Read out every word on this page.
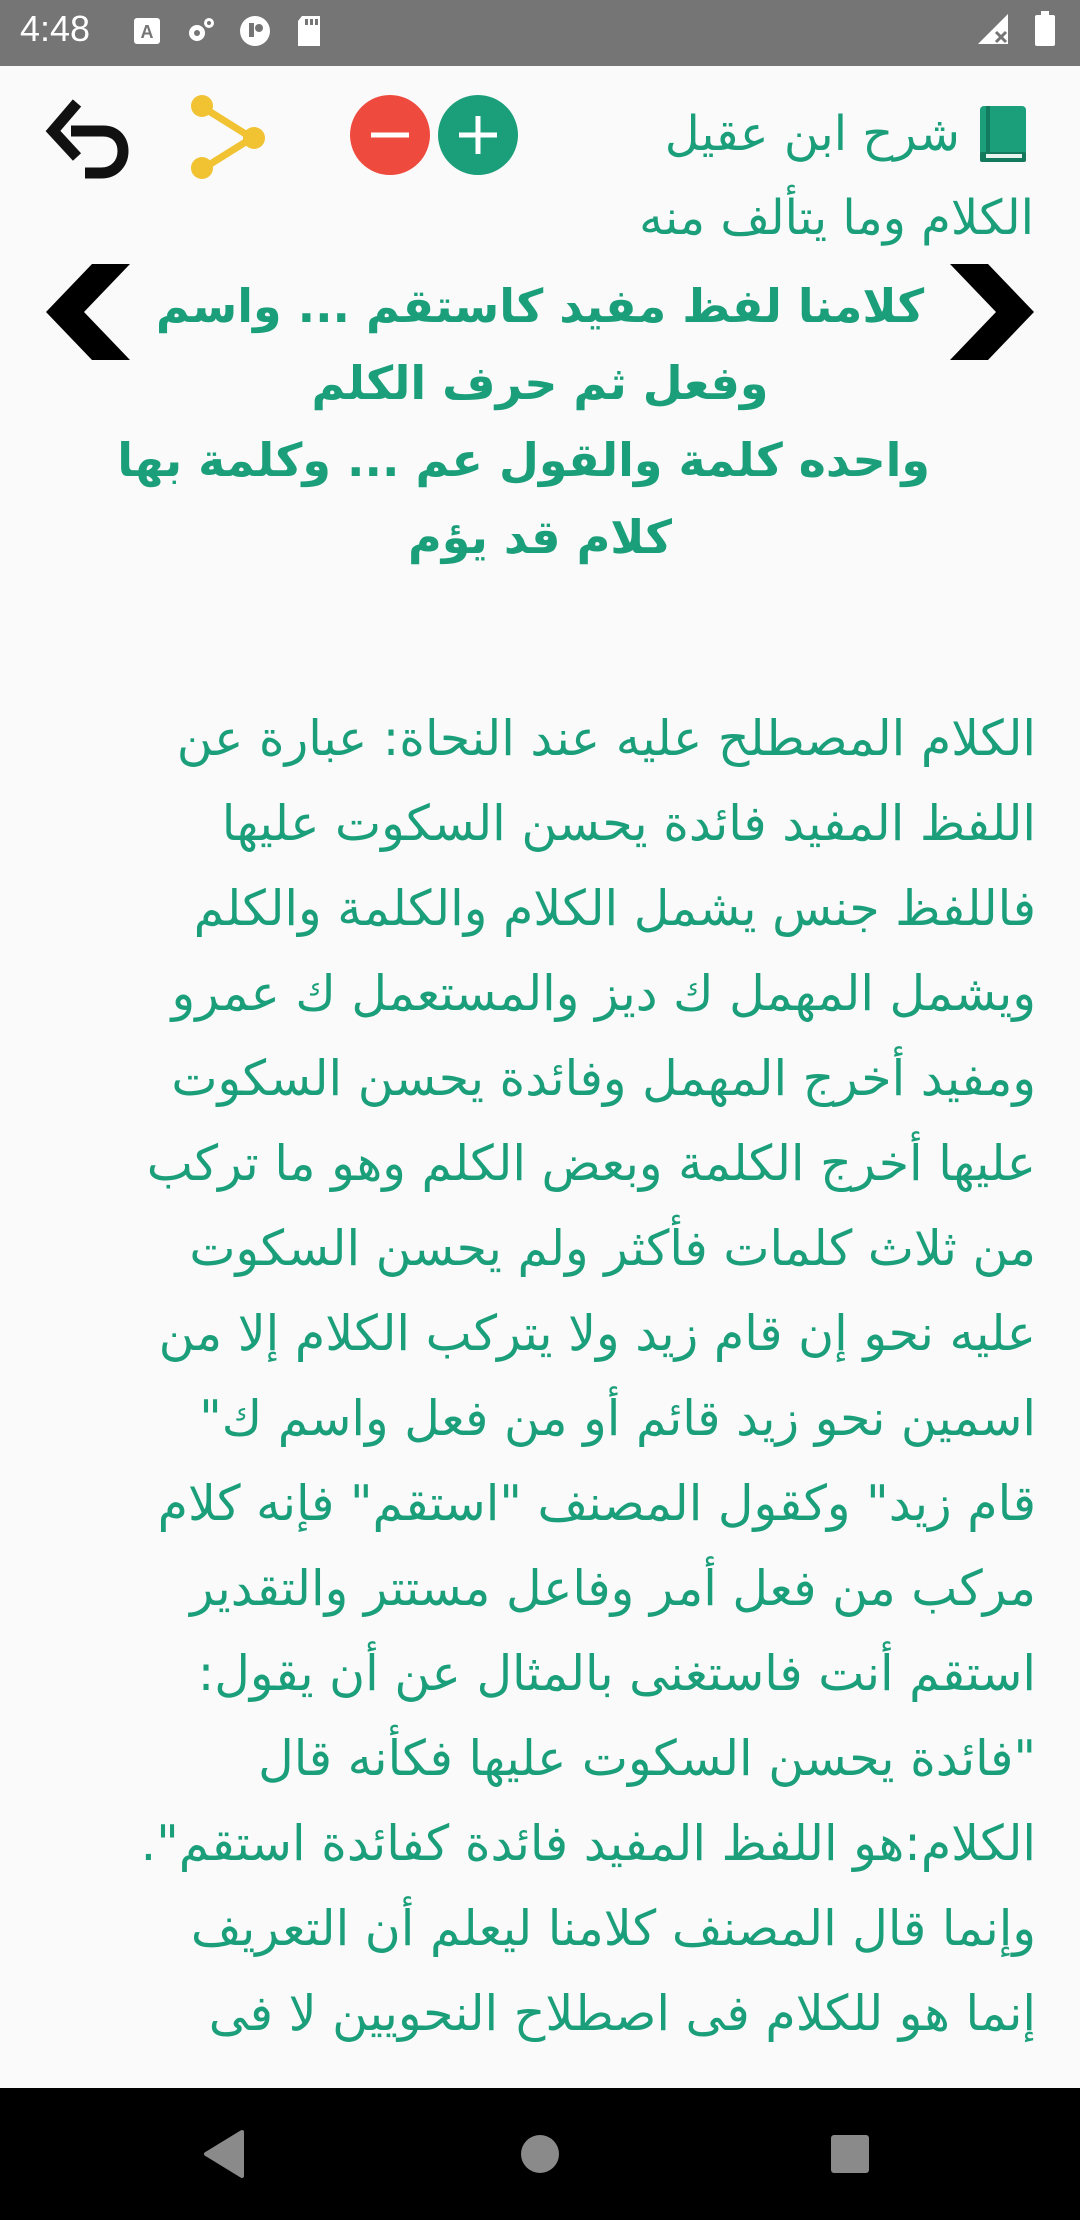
4:48	A
شرح ابن عقيل
الكلام وما يتألف منه
كلامنا لفظ مفيد كاستقم ... واسم
وفعل ثم حرف الكلم
واحده كلمة والقول عم ... وكلمة بها
كلام قد يؤم
الكلام المصطلح عليه عند النحاة: عبارة عن
اللفظ المفيد فائدة يحسن السكوت عليها
فاللفظ جنس يشمل الكلام والكلمة والكلم
ويشمل المهمل ك ديز والمستعمل ك عمرو
ومفيد أخرج المهمل وفائدة يحسن السكوت
عليها أخرج الكلمة وبعض الكلم وهو ما تركب
من ثلاث كلمات فأكثر ولم يحسن السكوت
عليه نحو إن قام زيد ولا يتركب الكلام إلا من
اسمين نحو زيد قائم أو من فعل واسم ك"
قام زيد" وكقول المصنف "استقم" فإنه كلام
مركب من فعل أمر وفاعل مستتر والتقدير
استقم أنت فاستغنى بالمثال عن أن يقول:
"فائدة يحسن السكوت عليها فكأنه قال
الكلام:هو اللفظ المفيد فائدة كفائدة استقم".
وإنما قال المصنف كلامنا ليعلم أن التعريف
إنما هو للكلام فى اصطلاح النحويين لا فى
